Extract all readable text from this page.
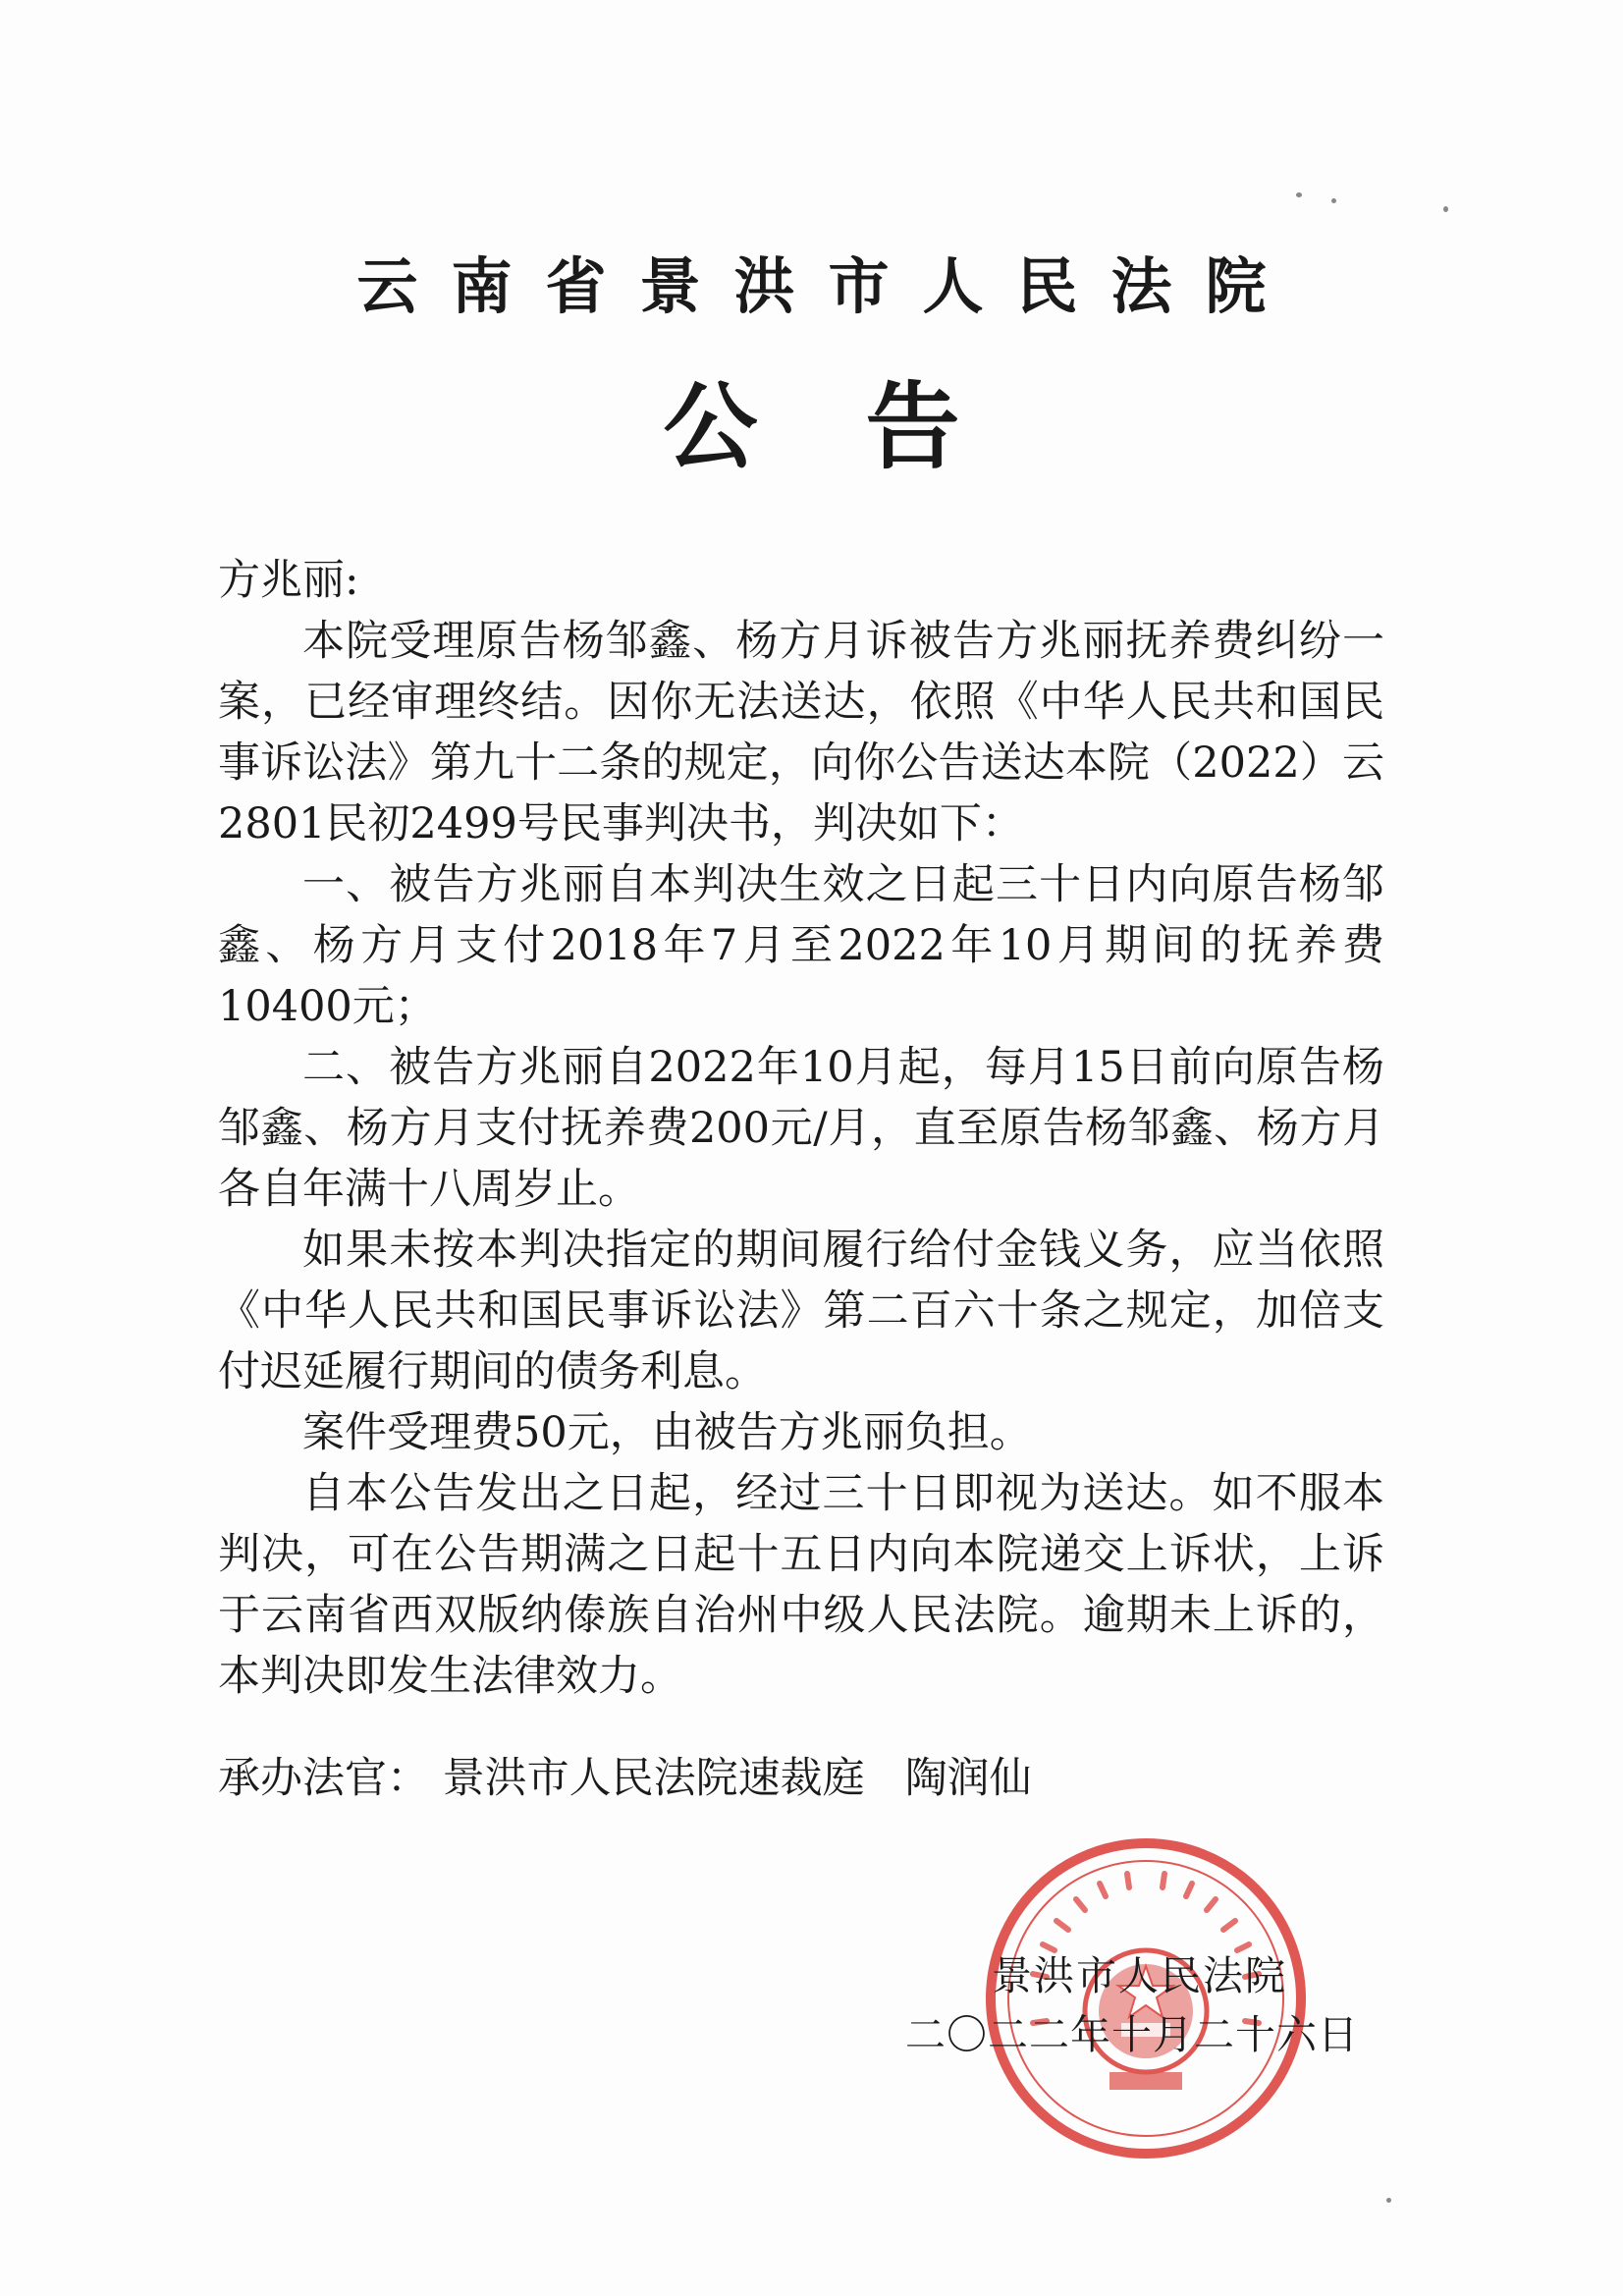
云南省景洪市人民法院
公告

方兆丽:

本院受理原告杨邹鑫、杨方月诉被告方兆丽抚养费纠纷一案，已经审理终结。因你无法送达，依照《中华人民共和国民事诉讼法》第九十二条的规定，向你公告送达本院（2022）云2801民初2499号民事判决书，判决如下：

一、被告方兆丽自本判决生效之日起三十日内向原告杨邹鑫、杨方月支付2018年7月至2022年10月期间的抚养费10400元；

二、被告方兆丽自2022年10月起，每月15日前向原告杨邹鑫、杨方月支付抚养费200元/月，直至原告杨邹鑫、杨方月各自年满十八周岁止。

如果未按本判决指定的期间履行给付金钱义务，应当依照《中华人民共和国民事诉讼法》第二百六十条之规定，加倍支付迟延履行期间的债务利息。

案件受理费50元，由被告方兆丽负担。

自本公告发出之日起，经过三十日即视为送达。如不服本判决，可在公告期满之日起十五日内向本院递交上诉状，上诉于云南省西双版纳傣族自治州中级人民法院。逾期未上诉的，本判决即发生法律效力。

承办法官： 景洪市人民法院速裁庭 陶润仙
景洪市人民法院
二〇二二年十月二十六日
